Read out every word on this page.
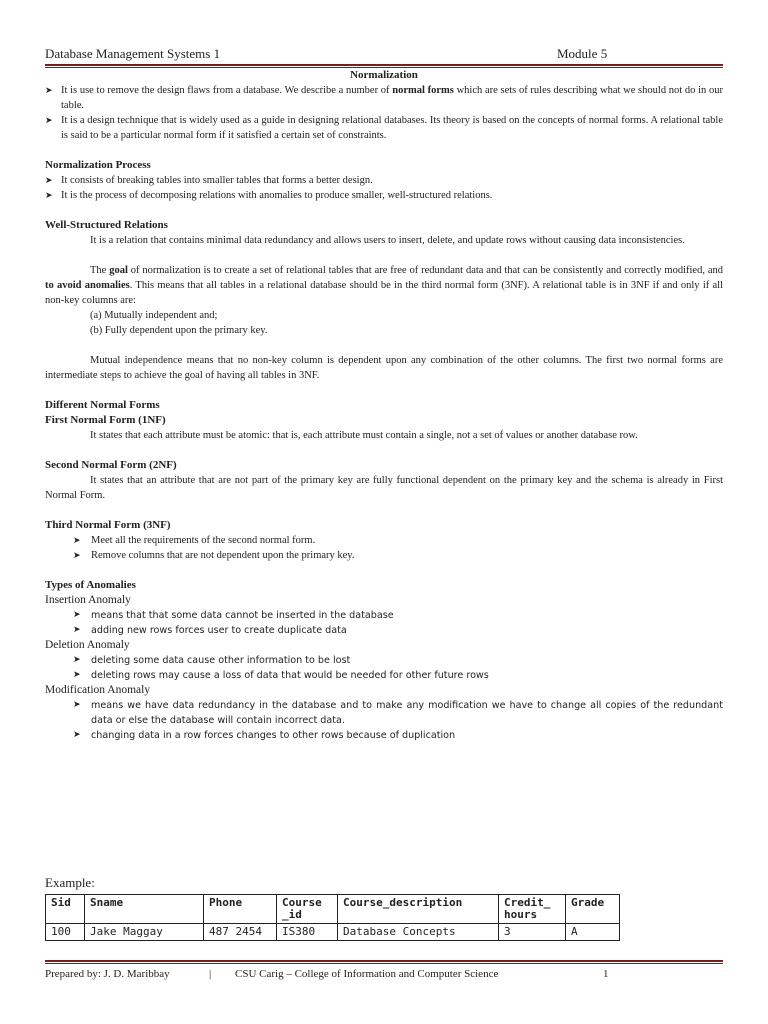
Database Management Systems 1	Module 5
Normalization
➤ It is use to remove the design flaws from a database. We describe a number of normal forms which are sets of rules describing what we should not do in our table.
➤ It is a design technique that is widely used as a guide in designing relational databases. Its theory is based on the concepts of normal forms. A relational table is said to be a particular normal form if it satisfied a certain set of constraints.
Normalization Process
➤ It consists of breaking tables into smaller tables that forms a better design.
➤ It is the process of decomposing relations with anomalies to produce smaller, well-structured relations.
Well-Structured Relations

It is a relation that contains minimal data redundancy and allows users to insert, delete, and update rows without causing data inconsistencies.

The goal of normalization is to create a set of relational tables that are free of redundant data and that can be consistently and correctly modified, and to avoid anomalies. This means that all tables in a relational database should be in the third normal form (3NF). A relational table is in 3NF if and only if all non-key columns are:

(a) Mutually independent and;
(b) Fully dependent upon the primary key.

Mutual independence means that no non-key column is dependent upon any combination of the other columns. The first two normal forms are intermediate steps to achieve the goal of having all tables in 3NF.

Different Normal Forms
First Normal Form (1NF)

It states that each attribute must be atomic: that is, each attribute must contain a single, not a set of values or another database row.

Second Normal Form (2NF)

It states that an attribute that are not part of the primary key are fully functional dependent on the primary key and the schema is already in First Normal Form.

Third Normal Form (3NF)
➤ Meet all the requirements of the second normal form.
➤ Remove columns that are not dependent upon the primary key.
Types of Anomalies
Insertion Anomaly
➤ means that that some data cannot be inserted in the database
➤ adding new rows forces user to create duplicate data
Deletion Anomaly
➤ deleting some data cause other information to be lost
➤ deleting rows may cause a loss of data that would be needed for other future rows
Modification Anomaly
➤ means we have data redundancy in the database and to make any modification we have to change all copies of the redundant data or else the database will contain incorrect data.
➤ changing data in a row forces changes to other rows because of duplication
Example:
Sid	Sname	Phone	Course _id	Course_description	Credit_ hours	Grade
100	Jake Maggay	487 2454	IS380	Database Concepts	3	A
Prepared by: J. D. Maribbay	| CSU Carig – College of Information and Computer Science	1
